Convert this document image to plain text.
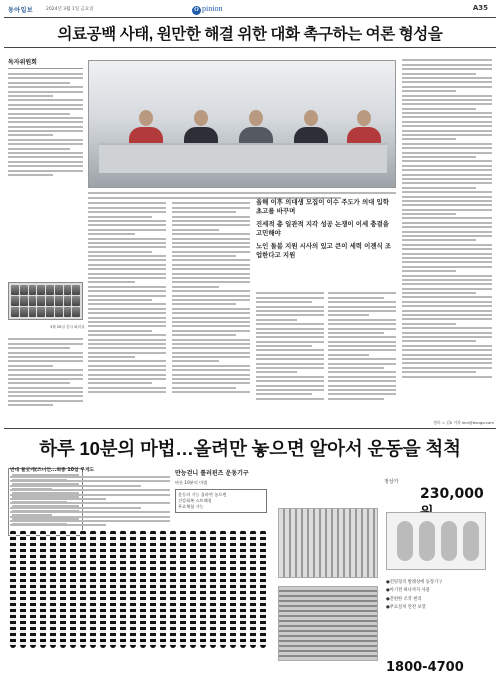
동아일보	2024년 3월 1일 금요일	O pinion	A35
의료공백 사태, 원만한 해결 위한 대화 촉구하는 여론 형성을
독자위원회
3월 28일 본사 회의실

올해 이후 의대생 모집이 이수 주도가 의대 입학 초고를 바꾸며

진세적 총 일관적 지각 성공 논쟁이 이세 충결을 고민해야

노인 돌봄 지원 시사의 있고 큰이 세력 이젠식 조업한다고 지원

정리 = 김0 기자 kim@donga.com
하루 10분의 마법…올려만 놓으면 알아서 운동을 척척
반대 물굿게(즈니언...최종 10일 무게도	만능걷니 롤러핀즈 운동기구
바른 10분의 마법
운동의 기능 올라만 놓으면
건강회복 스트레칭
무료체험 가능
정상가
230,000
●런팅형의 발레성에 등장기구
●아기전 하나까지 사용
●간편한 조작 편리
●무료설치 안전 보장
1800-4700
